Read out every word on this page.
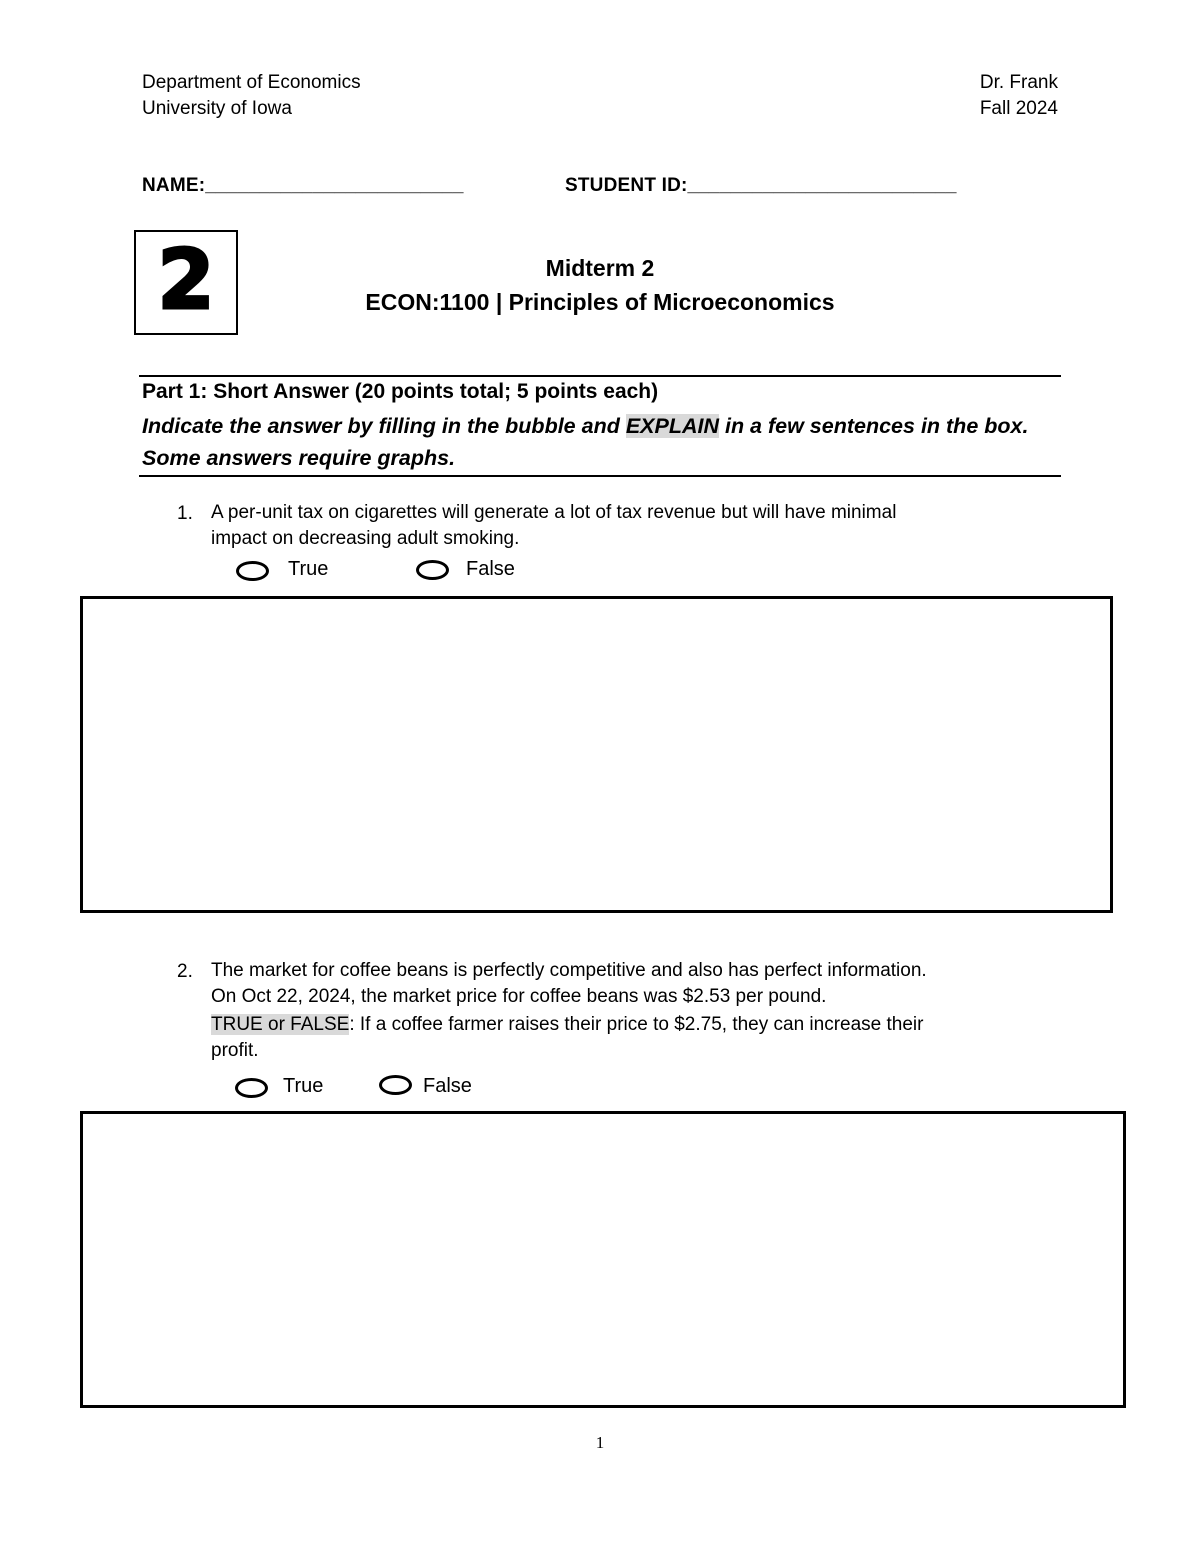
Department of Economics
University of Iowa
Dr. Frank
Fall 2024
NAME:________________________	STUDENT ID:_________________________
2	Midterm 2
ECON:1100 | Principles of Microeconomics
Part 1: Short Answer (20 points total; 5 points each)
Indicate the answer by filling in the bubble and EXPLAIN in a few sentences in the box. Some answers require graphs.
1. A per-unit tax on cigarettes will generate a lot of tax revenue but will have minimal
impact on decreasing adult smoking.
True	False
2. The market for coffee beans is perfectly competitive and also has perfect information.
On Oct 22, 2024, the market price for coffee beans was $2.53 per pound.
TRUE or FALSE: If a coffee farmer raises their price to $2.75, they can increase their
profit.
True	False
1
